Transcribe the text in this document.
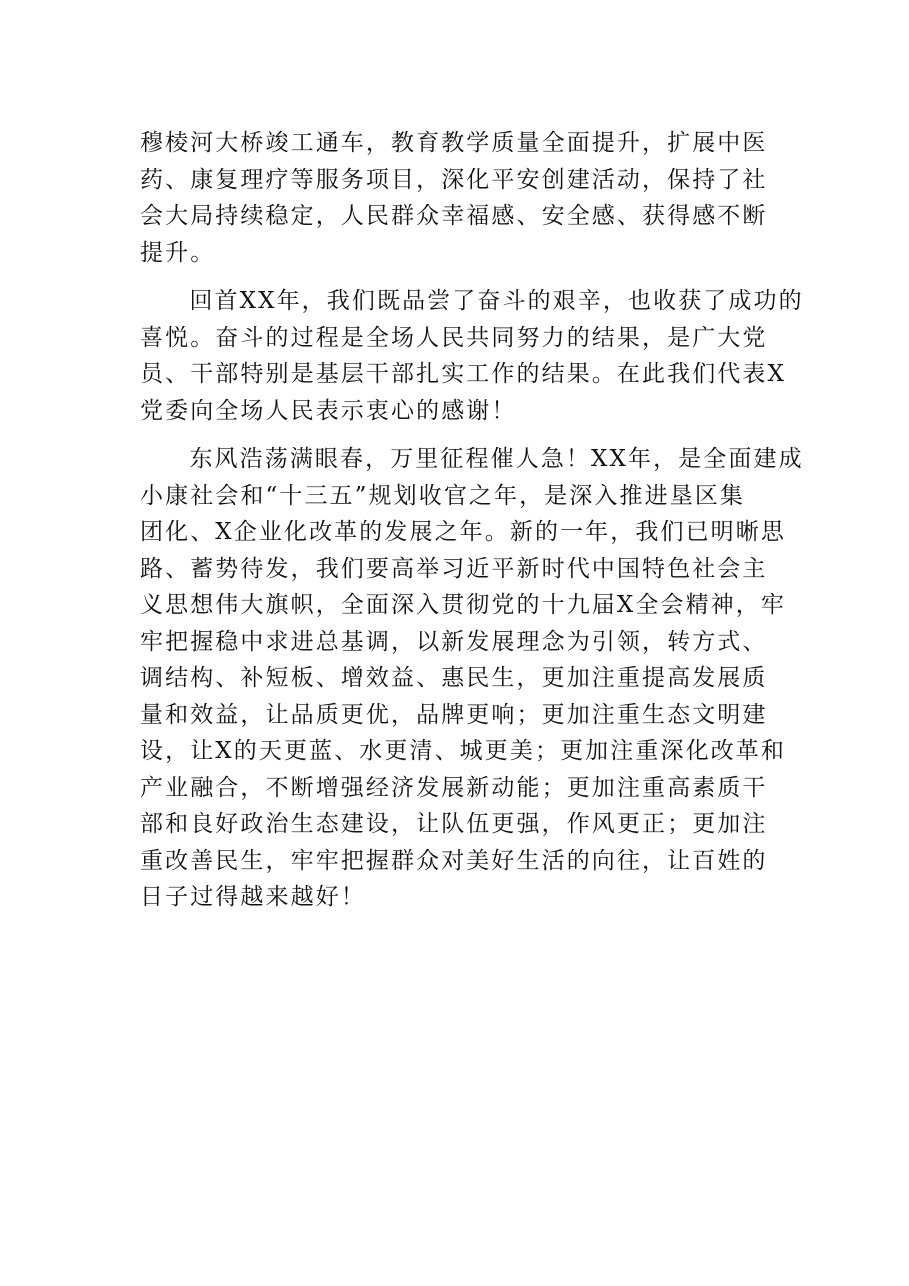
穆棱河大桥竣工通车，教育教学质量全面提升，扩展中医
药、康复理疗等服务项目，深化平安创建活动，保持了社
会大局持续稳定，人民群众幸福感、安全感、获得感不断
提升。
回首XX年，我们既品尝了奋斗的艰辛，也收获了成功的
喜悦。奋斗的过程是全场人民共同努力的结果，是广大党
员、干部特别是基层干部扎实工作的结果。在此我们代表X
党委向全场人民表示衷心的感谢！
东风浩荡满眼春，万里征程催人急！XX年，是全面建成
小康社会和“十三五”规划收官之年，是深入推进垦区集
团化、X企业化改革的发展之年。新的一年，我们已明晰思
路、蓄势待发，我们要高举习近平新时代中国特色社会主
义思想伟大旗帜，全面深入贯彻党的十九届X全会精神，牢
牢把握稳中求进总基调，以新发展理念为引领，转方式、
调结构、补短板、增效益、惠民生，更加注重提高发展质
量和效益，让品质更优，品牌更响；更加注重生态文明建
设，让X的天更蓝、水更清、城更美；更加注重深化改革和
产业融合，不断增强经济发展新动能；更加注重高素质干
部和良好政治生态建设，让队伍更强，作风更正；更加注
重改善民生，牢牢把握群众对美好生活的向往，让百姓的
日子过得越来越好！
